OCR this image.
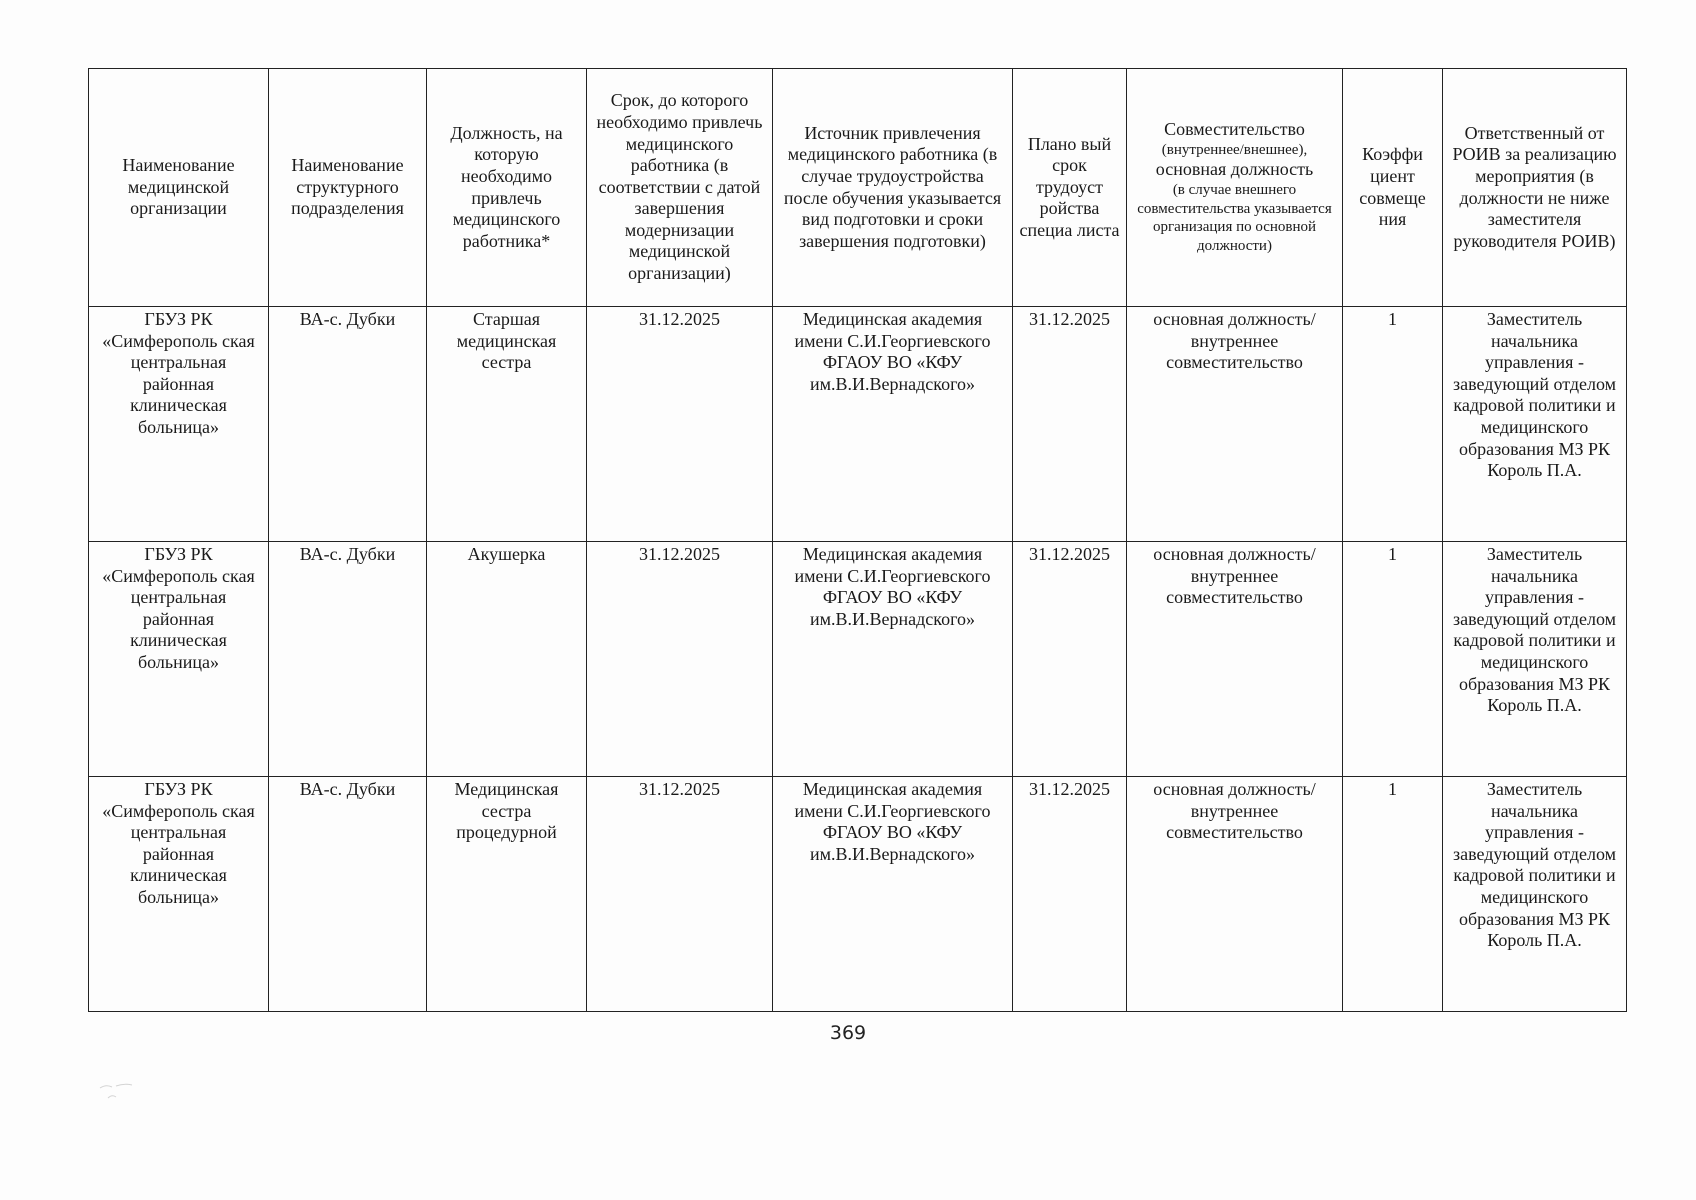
Наименование медицинской организации	Наименование структурного подразделения	Должность, на которую необходимо привлечь медицинского работника*	Срок, до которого необходимо привлечь медицинского работника (в соответствии с датой завершения модернизации медицинской организации)	Источник привлечения медицинского работника (в случае трудоустройства после обучения указывается вид подготовки и сроки завершения подготовки)	Плано вый срок трудоуст ройства специа листа	Совместительство
(внутреннее/внешнее),
основная должность
(в случае внешнего совместительства указывается организация по основной должности)	Коэффи циент совмеще ния	Ответственный от РОИВ за реализацию мероприятия (в должности не ниже заместителя руководителя РОИВ)

ГБУЗ РК «Симферополь ская центральная районная клиническая больница»	ВА-с. Дубки	Старшая медицинская сестра	31.12.2025	Медицинская академия имени С.И.Георгиевского ФГАОУ ВО «КФУ им.В.И.Вернадского»	31.12.2025	основная должность/ внутреннее совместительство	1	Заместитель начальника управления - заведующий отделом кадровой политики и медицинского образования МЗ РК Король П.А.
ГБУЗ РК «Симферополь ская центральная районная клиническая больница»	ВА-с. Дубки	Акушерка	31.12.2025	Медицинская академия имени С.И.Георгиевского ФГАОУ ВО «КФУ им.В.И.Вернадского»	31.12.2025	основная должность/ внутреннее совместительство	1	Заместитель начальника управления - заведующий отделом кадровой политики и медицинского образования МЗ РК Король П.А.
ГБУЗ РК «Симферополь ская центральная районная клиническая больница»	ВА-с. Дубки	Медицинская сестра процедурной	31.12.2025	Медицинская академия имени С.И.Георгиевского ФГАОУ ВО «КФУ им.В.И.Вернадского»	31.12.2025	основная должность/ внутреннее совместительство	1	Заместитель начальника управления - заведующий отделом кадровой политики и медицинского образования МЗ РК Король П.А.
369
